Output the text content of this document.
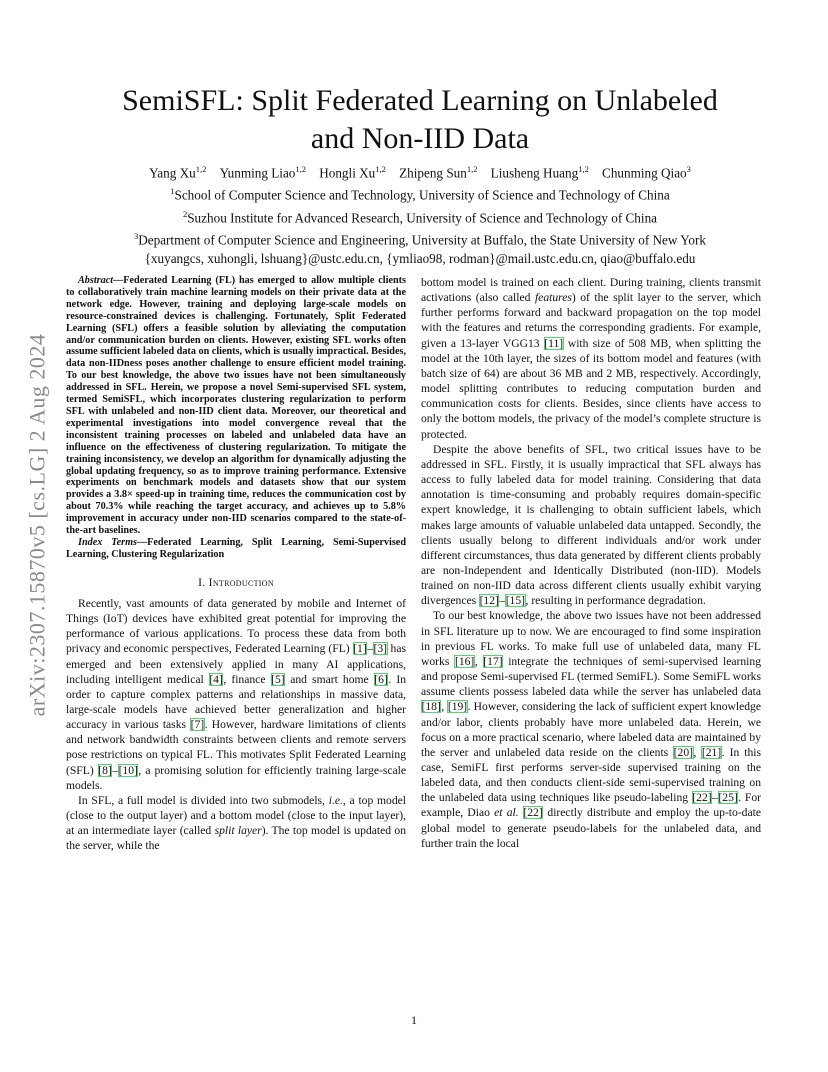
arXiv:2307.15870v5 [cs.LG] 2 Aug 2024
SemiSFL: Split Federated Learning on Unlabeled
and Non-IID Data
Yang Xu$^{1,2}$  Yunming Liao$^{1,2}$  Hongli Xu$^{1,2}$  Zhipeng Sun$^{1,2}$  Liusheng Huang$^{1,2}$  Chunming Qiao$^3$
$^1$School of Computer Science and Technology, University of Science and Technology of China
$^2$Suzhou Institute for Advanced Research, University of Science and Technology of China
$^3$Department of Computer Science and Engineering, University at Buffalo, the State University of New York
{xuyangcs, xuhongli, lshuang}@ustc.edu.cn, {ymliao98, rodman}@mail.ustc.edu.cn, qiao@buffalo.edu

Abstract—Federated Learning (FL) has emerged to allow multiple clients to collaboratively train machine learning models on their private data at the network edge. However, training and deploying large-scale models on resource-constrained devices is challenging. Fortunately, Split Federated Learning (SFL) offers a feasible solution by alleviating the computation and/or communication burden on clients. However, existing SFL works often assume sufficient labeled data on clients, which is usually impractical. Besides, data non-IIDness poses another challenge to ensure efficient model training. To our best knowledge, the above two issues have not been simultaneously addressed in SFL. Herein, we propose a novel Semi-supervised SFL system, termed SemiSFL, which incorporates clustering regularization to perform SFL with unlabeled and non-IID client data. Moreover, our theoretical and experimental investigations into model convergence reveal that the inconsistent training processes on labeled and unlabeled data have an influence on the effectiveness of clustering regularization. To mitigate the training inconsistency, we develop an algorithm for dynamically adjusting the global updating frequency, so as to improve training performance. Extensive experiments on benchmark models and datasets show that our system provides a 3.8× speed-up in training time, reduces the communication cost by about 70.3% while reaching the target accuracy, and achieves up to 5.8% improvement in accuracy under non-IID scenarios compared to the state-of-the-art baselines.

Index Terms—Federated Learning, Split Learning, Semi-Supervised Learning, Clustering Regularization

I. Introduction

Recently, vast amounts of data generated by mobile and Internet of Things (IoT) devices have exhibited great potential for improving the performance of various applications. To process these data from both privacy and economic perspectives, Federated Learning (FL) [1]–[3] has emerged and been extensively applied in many AI applications, including intelligent medical [4], finance [5] and smart home [6]. In order to capture complex patterns and relationships in massive data, large-scale models have achieved better generalization and higher accuracy in various tasks [7]. However, hardware limitations of clients and network bandwidth constraints between clients and remote servers pose restrictions on typical FL. This motivates Split Federated Learning (SFL) [8]–[10], a promising solution for efficiently training large-scale models.

In SFL, a full model is divided into two submodels, i.e., a top model (close to the output layer) and a bottom model (close to the input layer), at an intermediate layer (called split layer). The top model is updated on the server, while the

bottom model is trained on each client. During training, clients transmit activations (also called features) of the split layer to the server, which further performs forward and backward propagation on the top model with the features and returns the corresponding gradients. For example, given a 13-layer VGG13 [11] with size of 508 MB, when splitting the model at the 10th layer, the sizes of its bottom model and features (with batch size of 64) are about 36 MB and 2 MB, respectively. Accordingly, model splitting contributes to reducing computation burden and communication costs for clients. Besides, since clients have access to only the bottom models, the privacy of the model’s complete structure is protected.

Despite the above benefits of SFL, two critical issues have to be addressed in SFL. Firstly, it is usually impractical that SFL always has access to fully labeled data for model training. Considering that data annotation is time-consuming and probably requires domain-specific expert knowledge, it is challenging to obtain sufficient labels, which makes large amounts of valuable unlabeled data untapped. Secondly, the clients usually belong to different individuals and/or work under different circumstances, thus data generated by different clients probably are non-Independent and Identically Distributed (non-IID). Models trained on non-IID data across different clients usually exhibit varying divergences [12]–[15], resulting in performance degradation.

To our best knowledge, the above two issues have not been addressed in SFL literature up to now. We are encouraged to find some inspiration in previous FL works. To make full use of unlabeled data, many FL works [16], [17] integrate the techniques of semi-supervised learning and propose Semi-supervised FL (termed SemiFL). Some SemiFL works assume clients possess labeled data while the server has unlabeled data [18], [19]. However, considering the lack of sufficient expert knowledge and/or labor, clients probably have more unlabeled data. Herein, we focus on a more practical scenario, where labeled data are maintained by the server and unlabeled data reside on the clients [20], [21]. In this case, SemiFL first performs server-side supervised training on the labeled data, and then conducts client-side semi-supervised training on the unlabeled data using techniques like pseudo-labeling [22]–[25]. For example, Diao et al. [22] directly distribute and employ the up-to-date global model to generate pseudo-labels for the unlabeled data, and further train the local

1
